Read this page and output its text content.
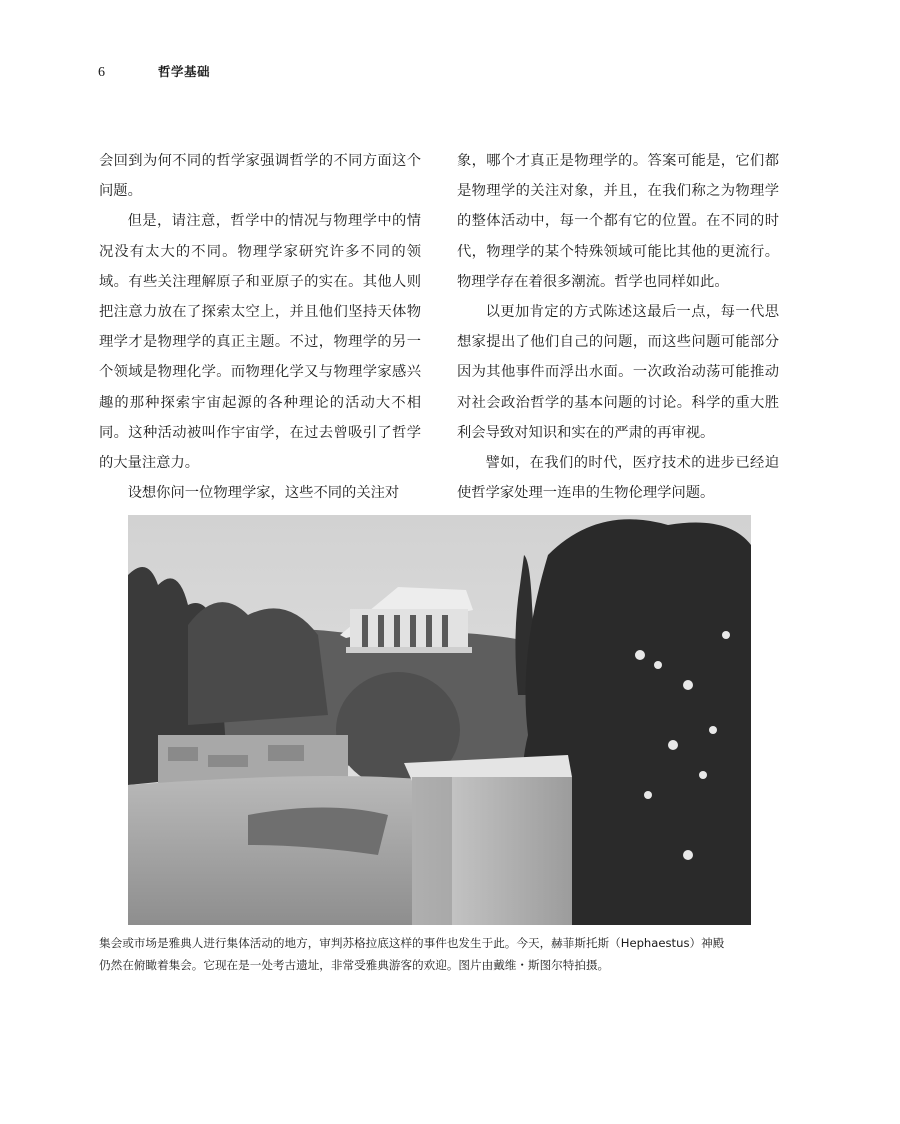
6	哲学基础

会回到为何不同的哲学家强调哲学的不同方面这个问题。

但是，请注意，哲学中的情况与物理学中的情况没有太大的不同。物理学家研究许多不同的领域。有些关注理解原子和亚原子的实在。其他人则把注意力放在了探索太空上，并且他们坚持天体物理学才是物理学的真正主题。不过，物理学的另一个领域是物理化学。而物理化学又与物理学家感兴趣的那种探索宇宙起源的各种理论的活动大不相同。这种活动被叫作宇宙学，在过去曾吸引了哲学的大量注意力。

设想你问一位物理学家，这些不同的关注对

象，哪个才真正是物理学的。答案可能是，它们都是物理学的关注对象，并且，在我们称之为物理学的整体活动中，每一个都有它的位置。在不同的时代，物理学的某个特殊领域可能比其他的更流行。物理学存在着很多潮流。哲学也同样如此。

以更加肯定的方式陈述这最后一点，每一代思想家提出了他们自己的问题，而这些问题可能部分因为其他事件而浮出水面。一次政治动荡可能推动对社会政治哲学的基本问题的讨论。科学的重大胜利会导致对知识和实在的严肃的再审视。

譬如，在我们的时代，医疗技术的进步已经迫使哲学家处理一连串的生物伦理学问题。

集会或市场是雅典人进行集体活动的地方，审判苏格拉底这样的事件也发生于此。今天，赫菲斯托斯（Hephaestus）神殿
仍然在俯瞰着集会。它现在是一处考古遗址，非常受雅典游客的欢迎。图片由戴维・斯图尔特拍摄。
